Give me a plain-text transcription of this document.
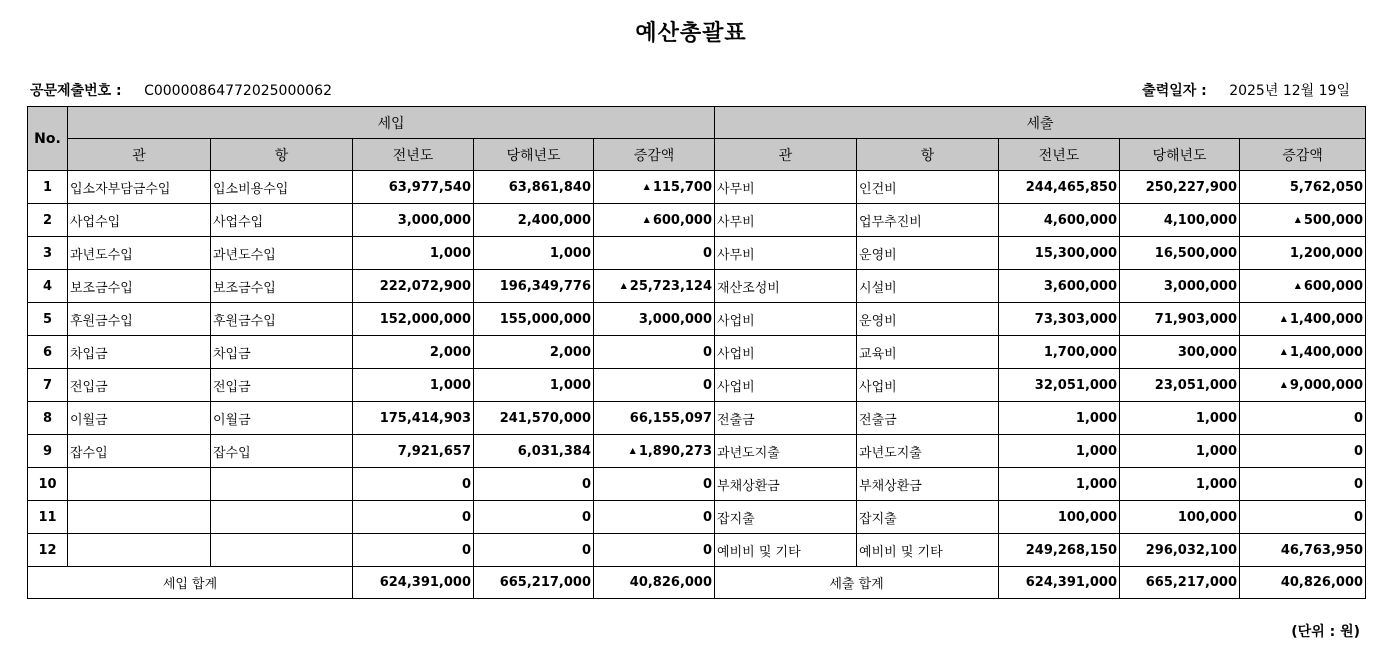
예산총괄표
공문제출번호 : C00000864772025000062	출력일자 : 2025년 12월 19일
No.	세입					세출				
	관	항	전년도	당해년도	증감액	관	항	전년도	당해년도	증감액
1	입소자부담금수입	입소비용수입	63,977,540	63,861,840	▲ 115,700	사무비	인건비	244,465,850	250,227,900	5,762,050
2	사업수입	사업수입	3,000,000	2,400,000	▲ 600,000	사무비	업무추진비	4,600,000	4,100,000	▲ 500,000
3	과년도수입	과년도수입	1,000	1,000	0	사무비	운영비	15,300,000	16,500,000	1,200,000
4	보조금수입	보조금수입	222,072,900	196,349,776	▲ 25,723,124	재산조성비	시설비	3,600,000	3,000,000	▲ 600,000
5	후원금수입	후원금수입	152,000,000	155,000,000	3,000,000	사업비	운영비	73,303,000	71,903,000	▲ 1,400,000
6	차입금	차입금	2,000	2,000	0	사업비	교육비	1,700,000	300,000	▲ 1,400,000
7	전입금	전입금	1,000	1,000	0	사업비	사업비	32,051,000	23,051,000	▲ 9,000,000
8	이월금	이월금	175,414,903	241,570,000	66,155,097	전출금	전출금	1,000	1,000	0
9	잡수입	잡수입	7,921,657	6,031,384	▲ 1,890,273	과년도지출	과년도지출	1,000	1,000	0
10			0	0	0	부채상환금	부채상환금	1,000	1,000	0
11			0	0	0	잡지출	잡지출	100,000	100,000	0
12			0	0	0	예비비 및 기타	예비비 및 기타	249,268,150	296,032,100	46,763,950
세입 합계			624,391,000	665,217,000	40,826,000	세출 합계		624,391,000	665,217,000	40,826,000
(단위 : 원)
